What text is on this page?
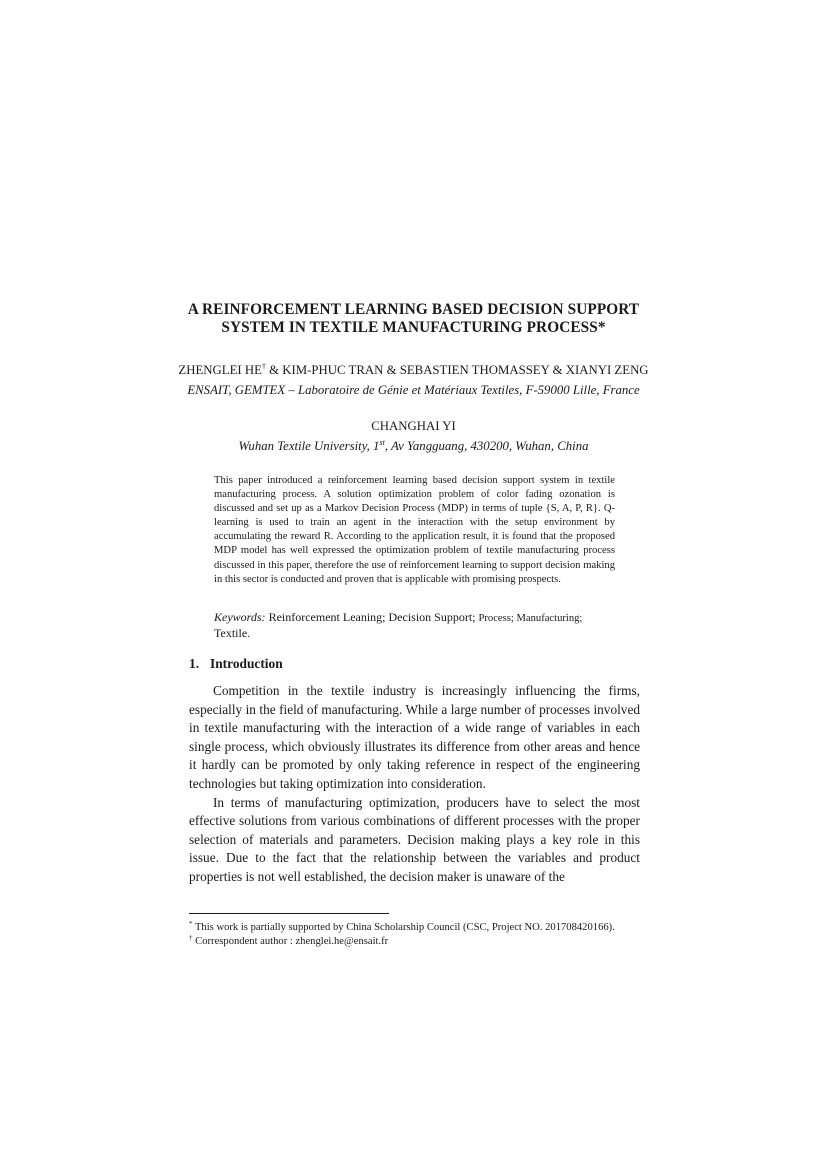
A REINFORCEMENT LEARNING BASED DECISION SUPPORT
SYSTEM IN TEXTILE MANUFACTURING PROCESS*
ZHENGLEI HE† & KIM-PHUC TRAN & SEBASTIEN THOMASSEY & XIANYI ZENG
ENSAIT, GEMTEX – Laboratoire de Génie et Matériaux Textiles, F-59000 Lille, France
CHANGHAI YI
Wuhan Textile University, 1st, Av Yangguang, 430200, Wuhan, China

This paper introduced a reinforcement learning based decision support system in textile manufacturing process. A solution optimization problem of color fading ozonation is discussed and set up as a Markov Decision Process (MDP) in terms of tuple {S, A, P, R}. Q-learning is used to train an agent in the interaction with the setup environment by accumulating the reward R. According to the application result, it is found that the proposed MDP model has well expressed the optimization problem of textile manufacturing process discussed in this paper, therefore the use of reinforcement learning to support decision making in this sector is conducted and proven that is applicable with promising prospects.

Keywords: Reinforcement Leaning; Decision Support; Process; Manufacturing;
Textile.
1. Introduction

Competition in the textile industry is increasingly influencing the firms, especially in the field of manufacturing. While a large number of processes involved in textile manufacturing with the interaction of a wide range of variables in each single process, which obviously illustrates its difference from other areas and hence it hardly can be promoted by only taking reference in respect of the engineering technologies but taking optimization into consideration.

In terms of manufacturing optimization, producers have to select the most effective solutions from various combinations of different processes with the proper selection of materials and parameters. Decision making plays a key role in this issue. Due to the fact that the relationship between the variables and product properties is not well established, the decision maker is unaware of the

* This work is partially supported by China Scholarship Council (CSC, Project NO. 201708420166).
† Correspondent author : zhenglei.he@ensait.fr
